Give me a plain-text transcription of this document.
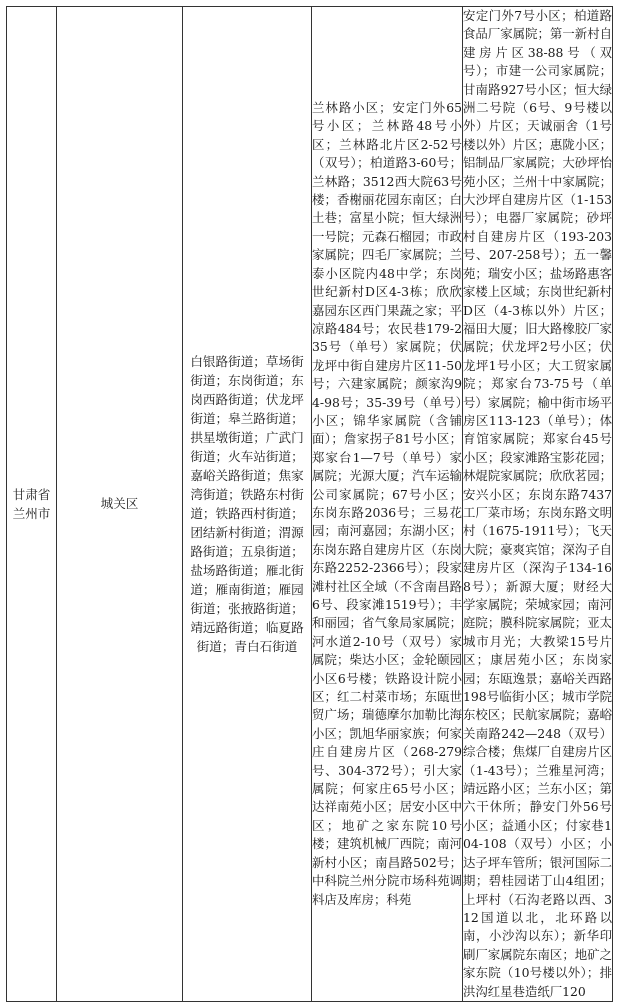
甘肃省兰州市

城关区

白银路街道；草场街街道；东岗街道；东岗西路街道；伏龙坪街道；皋兰路街道；拱星墩街道；广武门街道；火车站街道；嘉峪关路街道；焦家湾街道；铁路东村街道；铁路西村街道；团结新村街道；渭源路街道；五泉街道；盐场路街道；雁北街道；雁南街道；雁园街道；张掖路街道；靖远路街道；临夏路街道；青白石街道

兰林路小区；安定门外65号小区；兰林路48号小区；兰林路北片区2-52号（双号）；柏道路3-60号；兰林路；3512西大院63号楼；香榭丽花园东南区；白土巷；富星小院；恒大绿洲一号院；元森石榴园；市政家属院；四毛厂家属院；兰泰小区院内48中学；东岗世纪新村D区4-3栋；欣欣嘉园东区西门果蔬之家；平凉路484号；农民巷179-235号（单号）家属院；伏龙坪中街自建房片区11-50号；六建家属院；颜家沟94-98号；35-39号（单号）小区；锦华家属院（含铺面）；詹家拐子81号小区；郑家台1—7号（单号）家属院；光源大厦；汽车运输公司家属院；67号小区；东岗东路2036号；三易花园；南河嘉园；东湖小区；东岗东路自建房片区（东岗东路2252-2366号）；段家滩村社区全域（不含南昌路6号、段家滩1519号）；丰和丽园；省气象局家属院；河水道2-10号（双号）家属院；柴达小区；金轮颐园小区6号楼；铁路设计院小区；红二村菜市场；东瓯世贸广场；瑞德摩尔加勒比海小区；凯旭华丽家族；何家庄自建房片区（268-279号、304-372号）；引大家属院；何家庄65号小区；达祥南苑小区；居安小区中区；地矿之家东院10号楼；建筑机械厂西院；南河新村小区；南昌路502号；中科院兰州分院市场科苑调料店及库房；科苑

安定门外7号小区；柏道路食品厂家属院；第一新村自建房片区38-88号（双号）；市建一公司家属院；甘南路927号小区；恒大绿洲二号院（6号、9号楼以外）片区；天诚丽舍（1号楼以外）片区；惠陇小区；铝制品厂家属院；大砂坪怡苑小区；兰州十中家属院；大沙坪自建房片区（1-153号）；电器厂家属院；砂坪村自建房片区（193-203号、207-258号）；五一馨苑；瑞安小区；盐场路惠客家楼上区域；东岗世纪新村D区（4-3栋以外）片区；福田大厦；旧大路橡胶厂家属院；伏龙坪2号小区；伏龙坪1号小区；大工贸家属院；郑家台73-75号（单号）家属院；榆中街市场平房区113-123（单号）；体育馆家属院；郑家台45号小区；段家滩路宝影花园；林焜院家属院；欣欣茗园；安兴小区；东岗东路7437工厂菜市场；东岗东路文明村（1675-1911号）；飞天大院；豪爽宾馆；深沟子自建房片区（深沟子134-168号）；新源大厦；财经大学家属院；荣城家园；南河庭院；膜科院家属院；亚太城市月光；大教梁15号片区；康居苑小区；东岗家园；东瓯逸景；嘉峪关西路198号临街小区；城市学院东校区；民航家属院；嘉峪关南路242—248（双号）综合楼；焦煤厂自建房片区（1-43号）；兰雅星河湾；靖远路小区；兰东小区；第六干休所；静安门外56号小区；益通小区；付家巷104-108（双号）小区；小达子坪车管所；银河国际二期；碧桂园诺丁山4组团；上坪村（石沟老路以西、312国道以北，北环路以南，小沙沟以东）；新华印刷厂家属院东南区；地矿之家东院（10号楼以外）；排洪沟红星巷造纸厂120
